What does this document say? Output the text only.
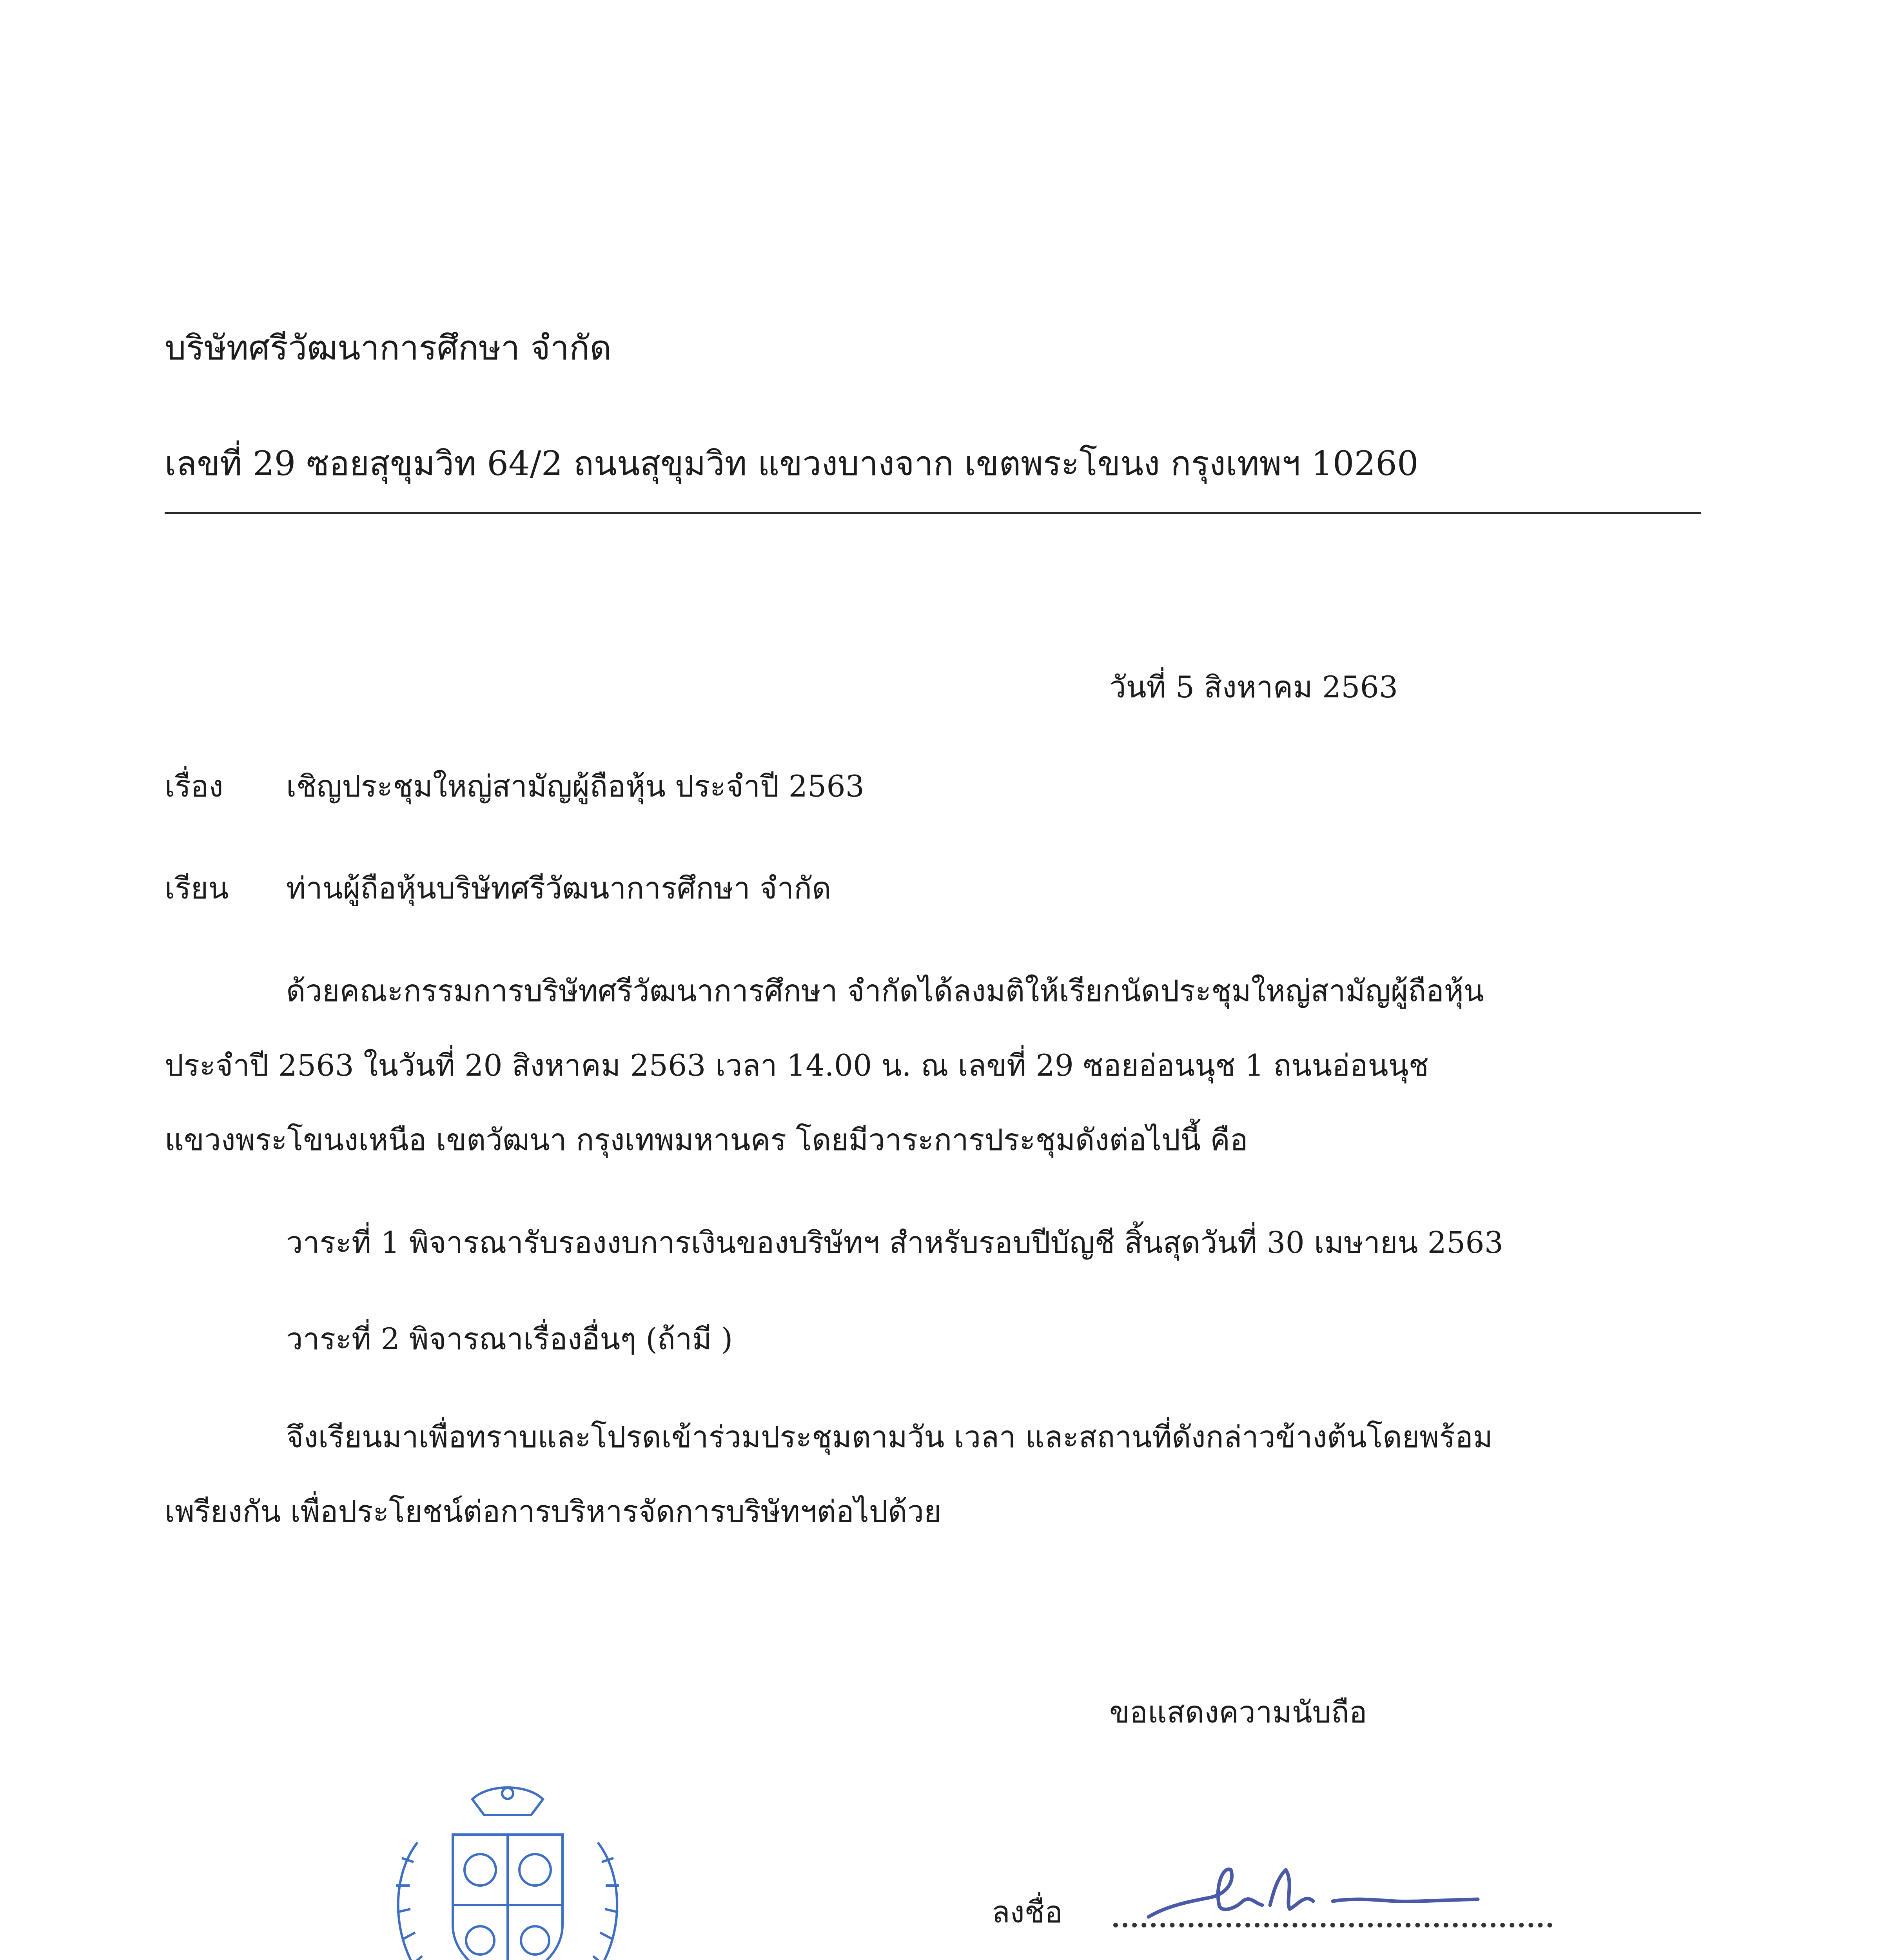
บริษัทศรีวัฒนาการศึกษา จำกัด
เลขที่ 29 ซอยสุขุมวิท 64/2 ถนนสุขุมวิท แขวงบางจาก เขตพระโขนง กรุงเทพฯ 10260
วันที่ 5 สิงหาคม 2563
เรื่อง เชิญประชุมใหญ่สามัญผู้ถือหุ้น ประจำปี 2563
เรียน ท่านผู้ถือหุ้นบริษัทศรีวัฒนาการศึกษา จำกัด
ด้วยคณะกรรมการบริษัทศรีวัฒนาการศึกษา จำกัดได้ลงมติให้เรียกนัดประชุมใหญ่สามัญผู้ถือหุ้น
ประจำปี 2563 ในวันที่ 20 สิงหาคม 2563 เวลา 14.00 น. ณ เลขที่ 29 ซอยอ่อนนุช 1 ถนนอ่อนนุช
แขวงพระโขนงเหนือ เขตวัฒนา กรุงเทพมหานคร โดยมีวาระการประชุมดังต่อไปนี้ คือ
วาระที่ 1 พิจารณารับรองงบการเงินของบริษัทฯ สำหรับรอบปีบัญชี สิ้นสุดวันที่ 30 เมษายน 2563
วาระที่ 2 พิจารณาเรื่องอื่นๆ (ถ้ามี )
จึงเรียนมาเพื่อทราบและโปรดเข้าร่วมประชุมตามวัน เวลา และสถานที่ดังกล่าวข้างต้นโดยพร้อม
เพรียงกัน เพื่อประโยชน์ต่อการบริหารจัดการบริษัทฯต่อไปด้วย
ขอแสดงความนับถือ
ลงชื่อ
